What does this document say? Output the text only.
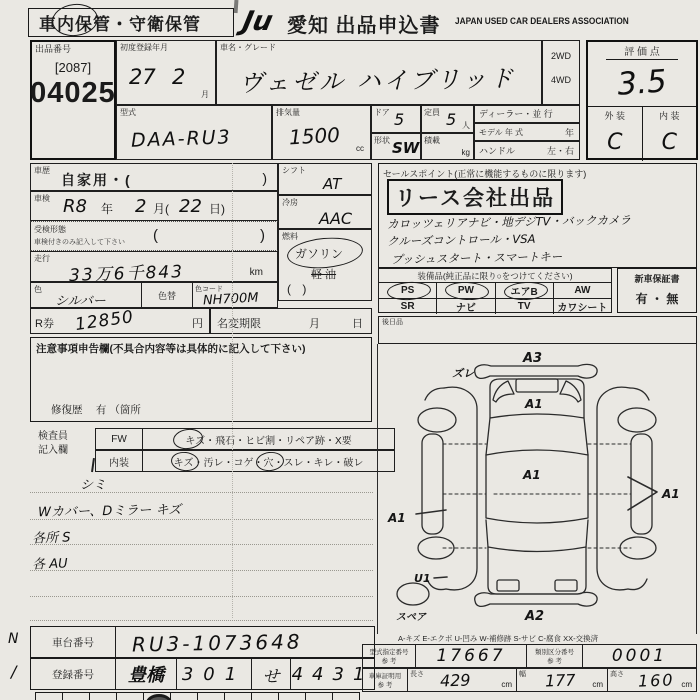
車内保管・守衛保管 Ju 愛知 出品申込書 JAPAN USED CAR DEALERS ASSOCIATION
出品番号
[2087]
04025
初度登録年月
27 2
月
車名・グレード
ヴェゼル ハイブリッド
2WD
4WD
型式
DAA-RU3
排気量
1500 cc
ドア 5 定員 5 人
形状 SW 積載
kg
ディーラー・並 行
モデル 年 式	年
ハンドル	左・右
評 価 点
3.5
外 装	内 装
C	C
車歴
自家用・(	)
車検 R8 年 2 月( 22 日)
受検形態
車検付きのみ記入して下さい (	)
走行
33万6千843	km
色
シルバー	色替
色コード
NH700M
シフト
AT
冷房
AAC
燃料
ガソリン
軽 油
( )
セールスポイント(正常に機能するものに限ります)
リース会社出品
カロッツェリアナビ・地デジTV・バックカメラ
クルーズコントロール・VSA
プッシュスタート・スマートキー
装備品(純正品に限り○をつけてください)
PS	PW	エアB	AW
SR	ナビ	TV	カワシート
新車保証書
有 ・ 無
後日品
R券 12850	円 名変期限	月	日
注意事項申告欄(不具合内容等は具体的に記入して下さい)
修復歴　 有 （箇所
検査員
記入欄
FW	キズ・ 飛石 ・ヒビ割・リペア跡・X要
内装	キズ・ 汚レ ・コゲ・穴・ スレ ・キレ・破レ
シミ
Wカバー、Dミラー キズ
各所 S
各 AU
A3
ズレ
A1
A1
A1
A1
U1
スペア	A2
N
/
車台番号	RU3-1073648
登録番号	豊橋 301 せ 4431
A-キズ E-エクボ U-凹み W-補修跡 S-サビ C-腐食 XX-交換済
型式指定番号
参 考	17667	類別区分番号
参 考	0001
車庫証明用
参 考
長さ 429	cm
幅 177 cm
高さ 160 cm
